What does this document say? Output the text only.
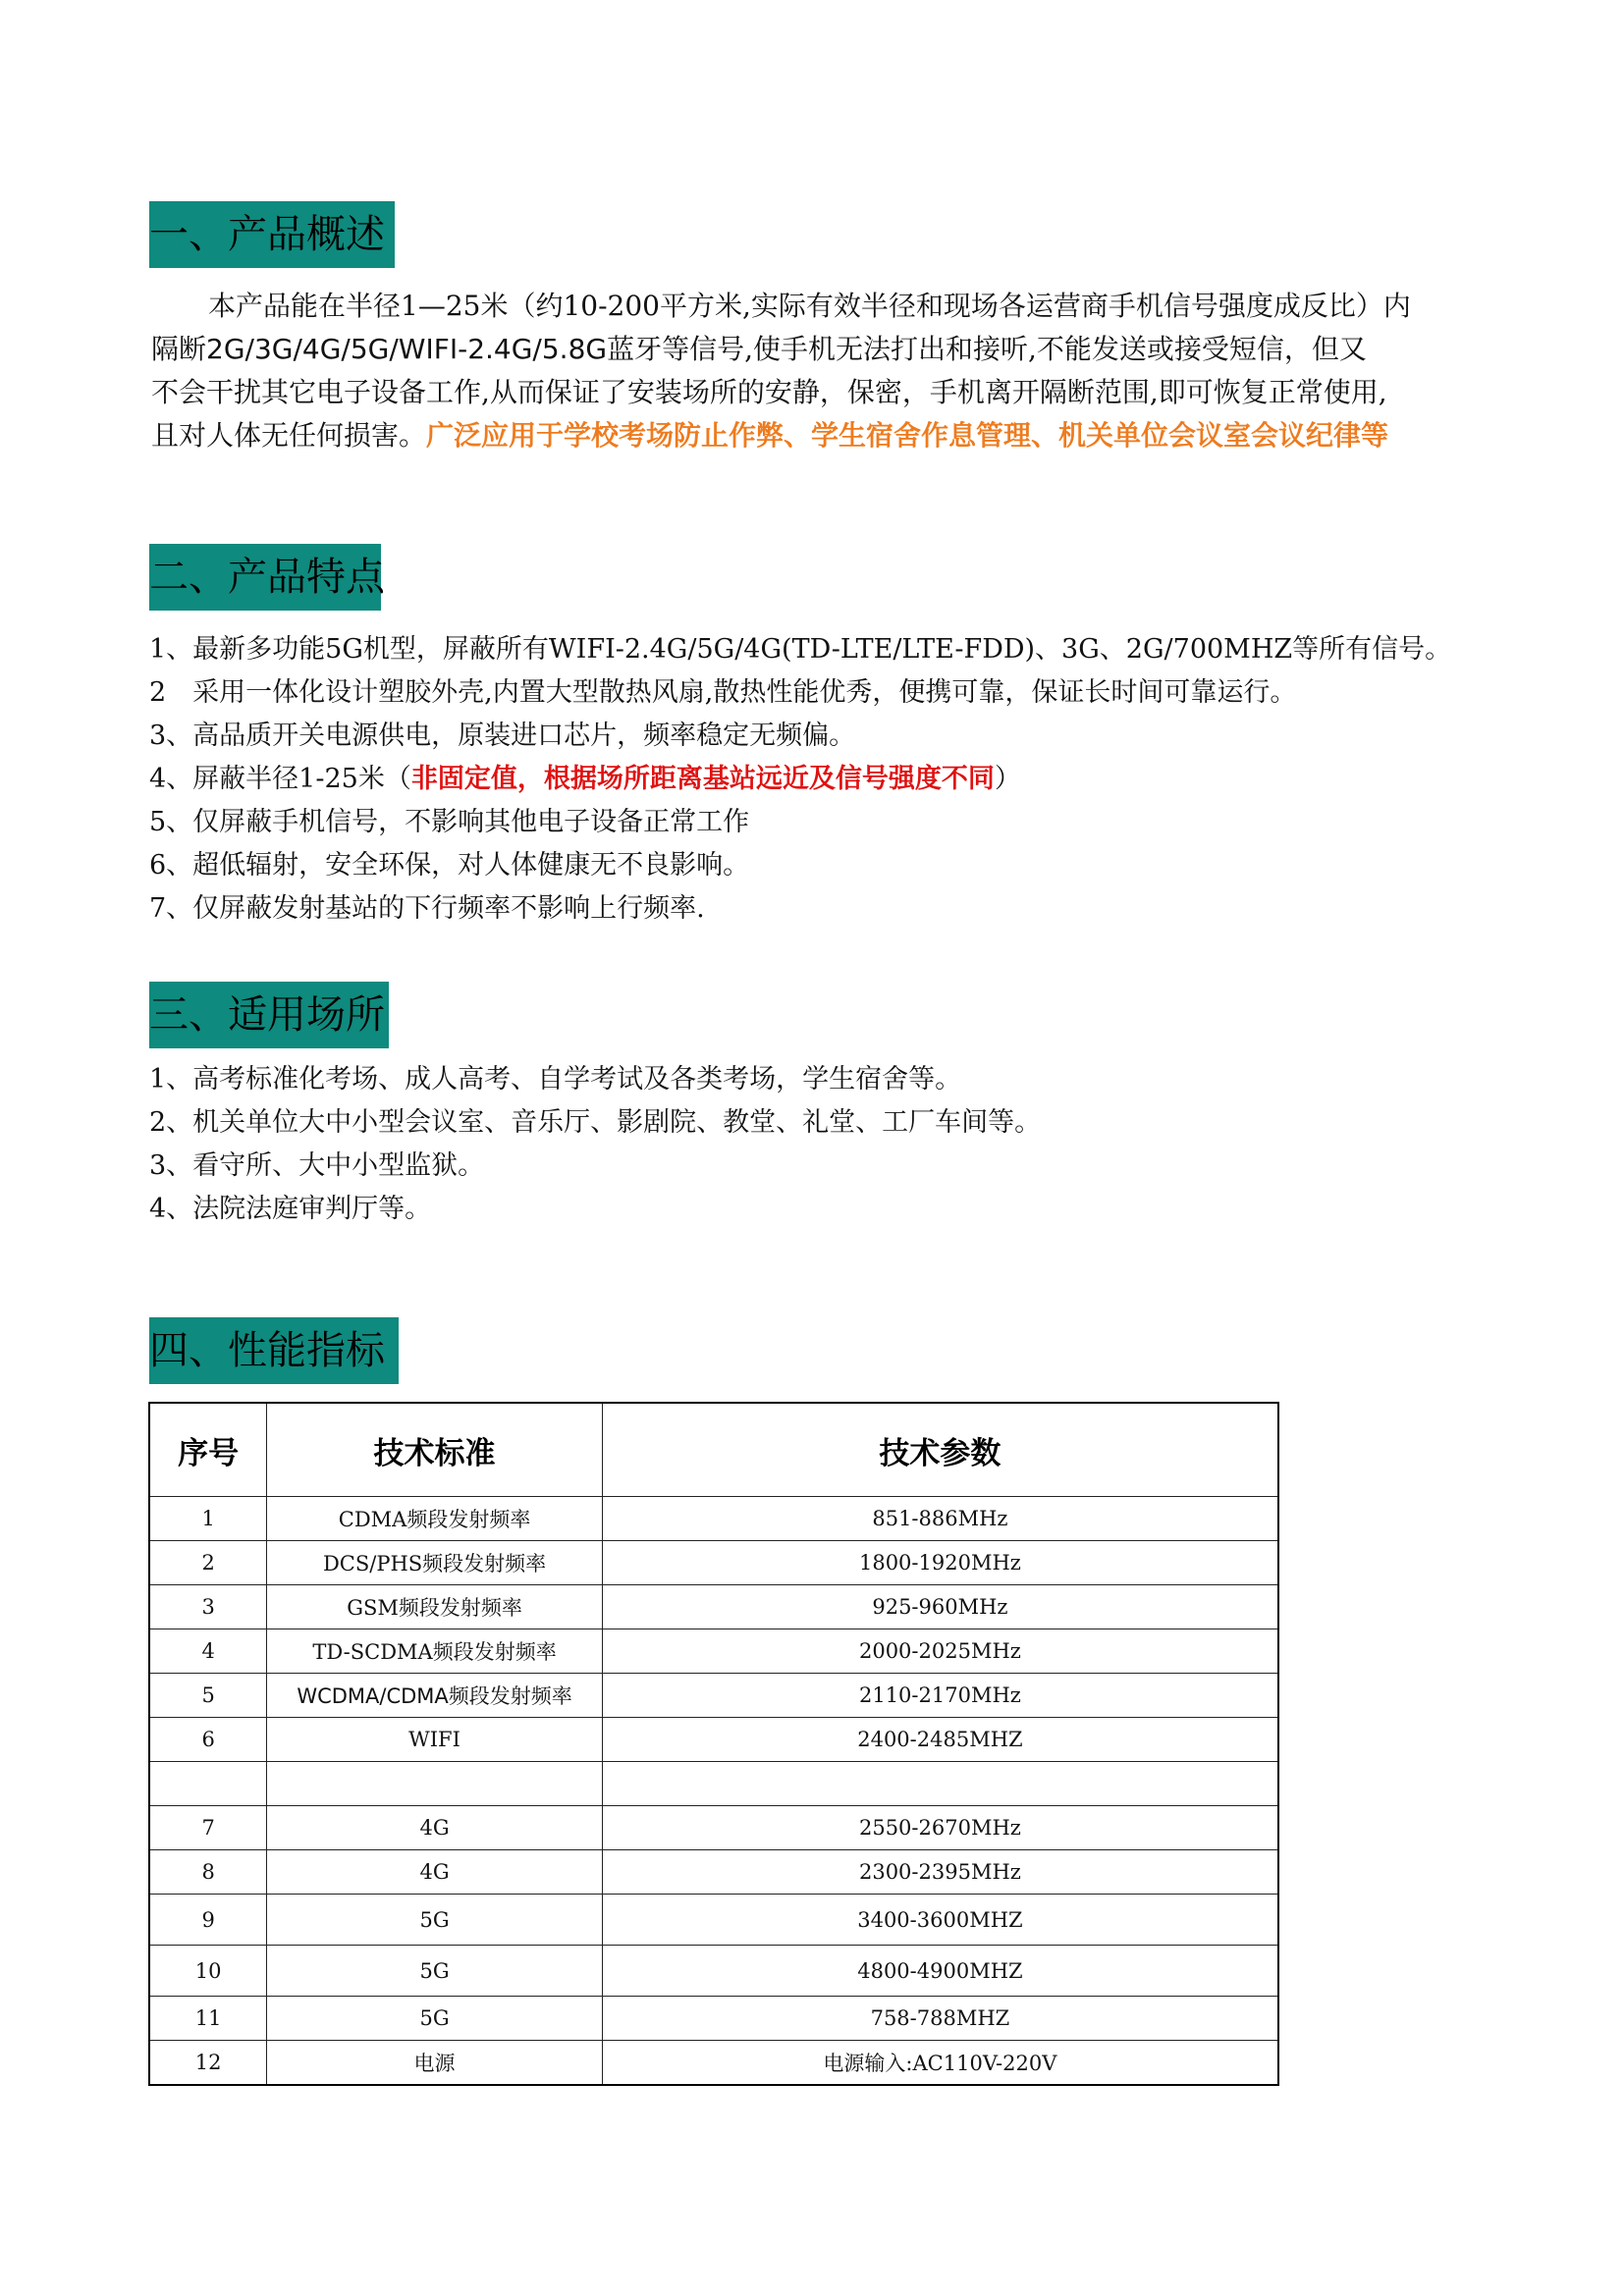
一、产品概述
本产品能在半径1—25米（约10-200平方米,实际有效半径和现场各运营商手机信号强度成反比）内
隔断2G/3G/4G/5G/WIFI-2.4G/5.8G蓝牙等信号,使手机无法打出和接听,不能发送或接受短信，但又
不会干扰其它电子设备工作,从而保证了安装场所的安静，保密，手机离开隔断范围,即可恢复正常使用,
且对人体无任何损害。广泛应用于学校考场防止作弊、学生宿舍作息管理、机关单位会议室会议纪律等
二、产品特点
1、最新多功能5G机型，屏蔽所有WIFI-2.4G/5G/4G(TD-LTE/LTE-FDD)、3G、2G/700MHZ等所有信号。
2　采用一体化设计塑胶外壳,内置大型散热风扇,散热性能优秀，便携可靠，保证长时间可靠运行。
3、高品质开关电源供电，原装进口芯片，频率稳定无频偏。
4、屏蔽半径1-25米（非固定值，根据场所距离基站远近及信号强度不同）
5、仅屏蔽手机信号，不影响其他电子设备正常工作
6、超低辐射，安全环保，对人体健康无不良影响。
7、仅屏蔽发射基站的下行频率不影响上行频率.
三、适用场所
1、高考标准化考场、成人高考、自学考试及各类考场，学生宿舍等。
2、机关单位大中小型会议室、音乐厅、影剧院、教堂、礼堂、工厂车间等。
3、看守所、大中小型监狱。
4、法院法庭审判厅等。
四、性能指标
序号	技术标准	技术参数
1	CDMA频段发射频率	851-886MHz
2	DCS/PHS频段发射频率	1800-1920MHz
3	GSM频段发射频率	925-960MHz
4	TD-SCDMA频段发射频率	2000-2025MHz
5	WCDMA/CDMA频段发射频率	2110-2170MHz
6	WIFI	2400-2485MHZ

7	4G	2550-2670MHz
8	4G	2300-2395MHz
9	5G	3400-3600MHZ
10	5G	4800-4900MHZ
11	5G	758-788MHZ
12	电源	电源输入:AC110V-220V
